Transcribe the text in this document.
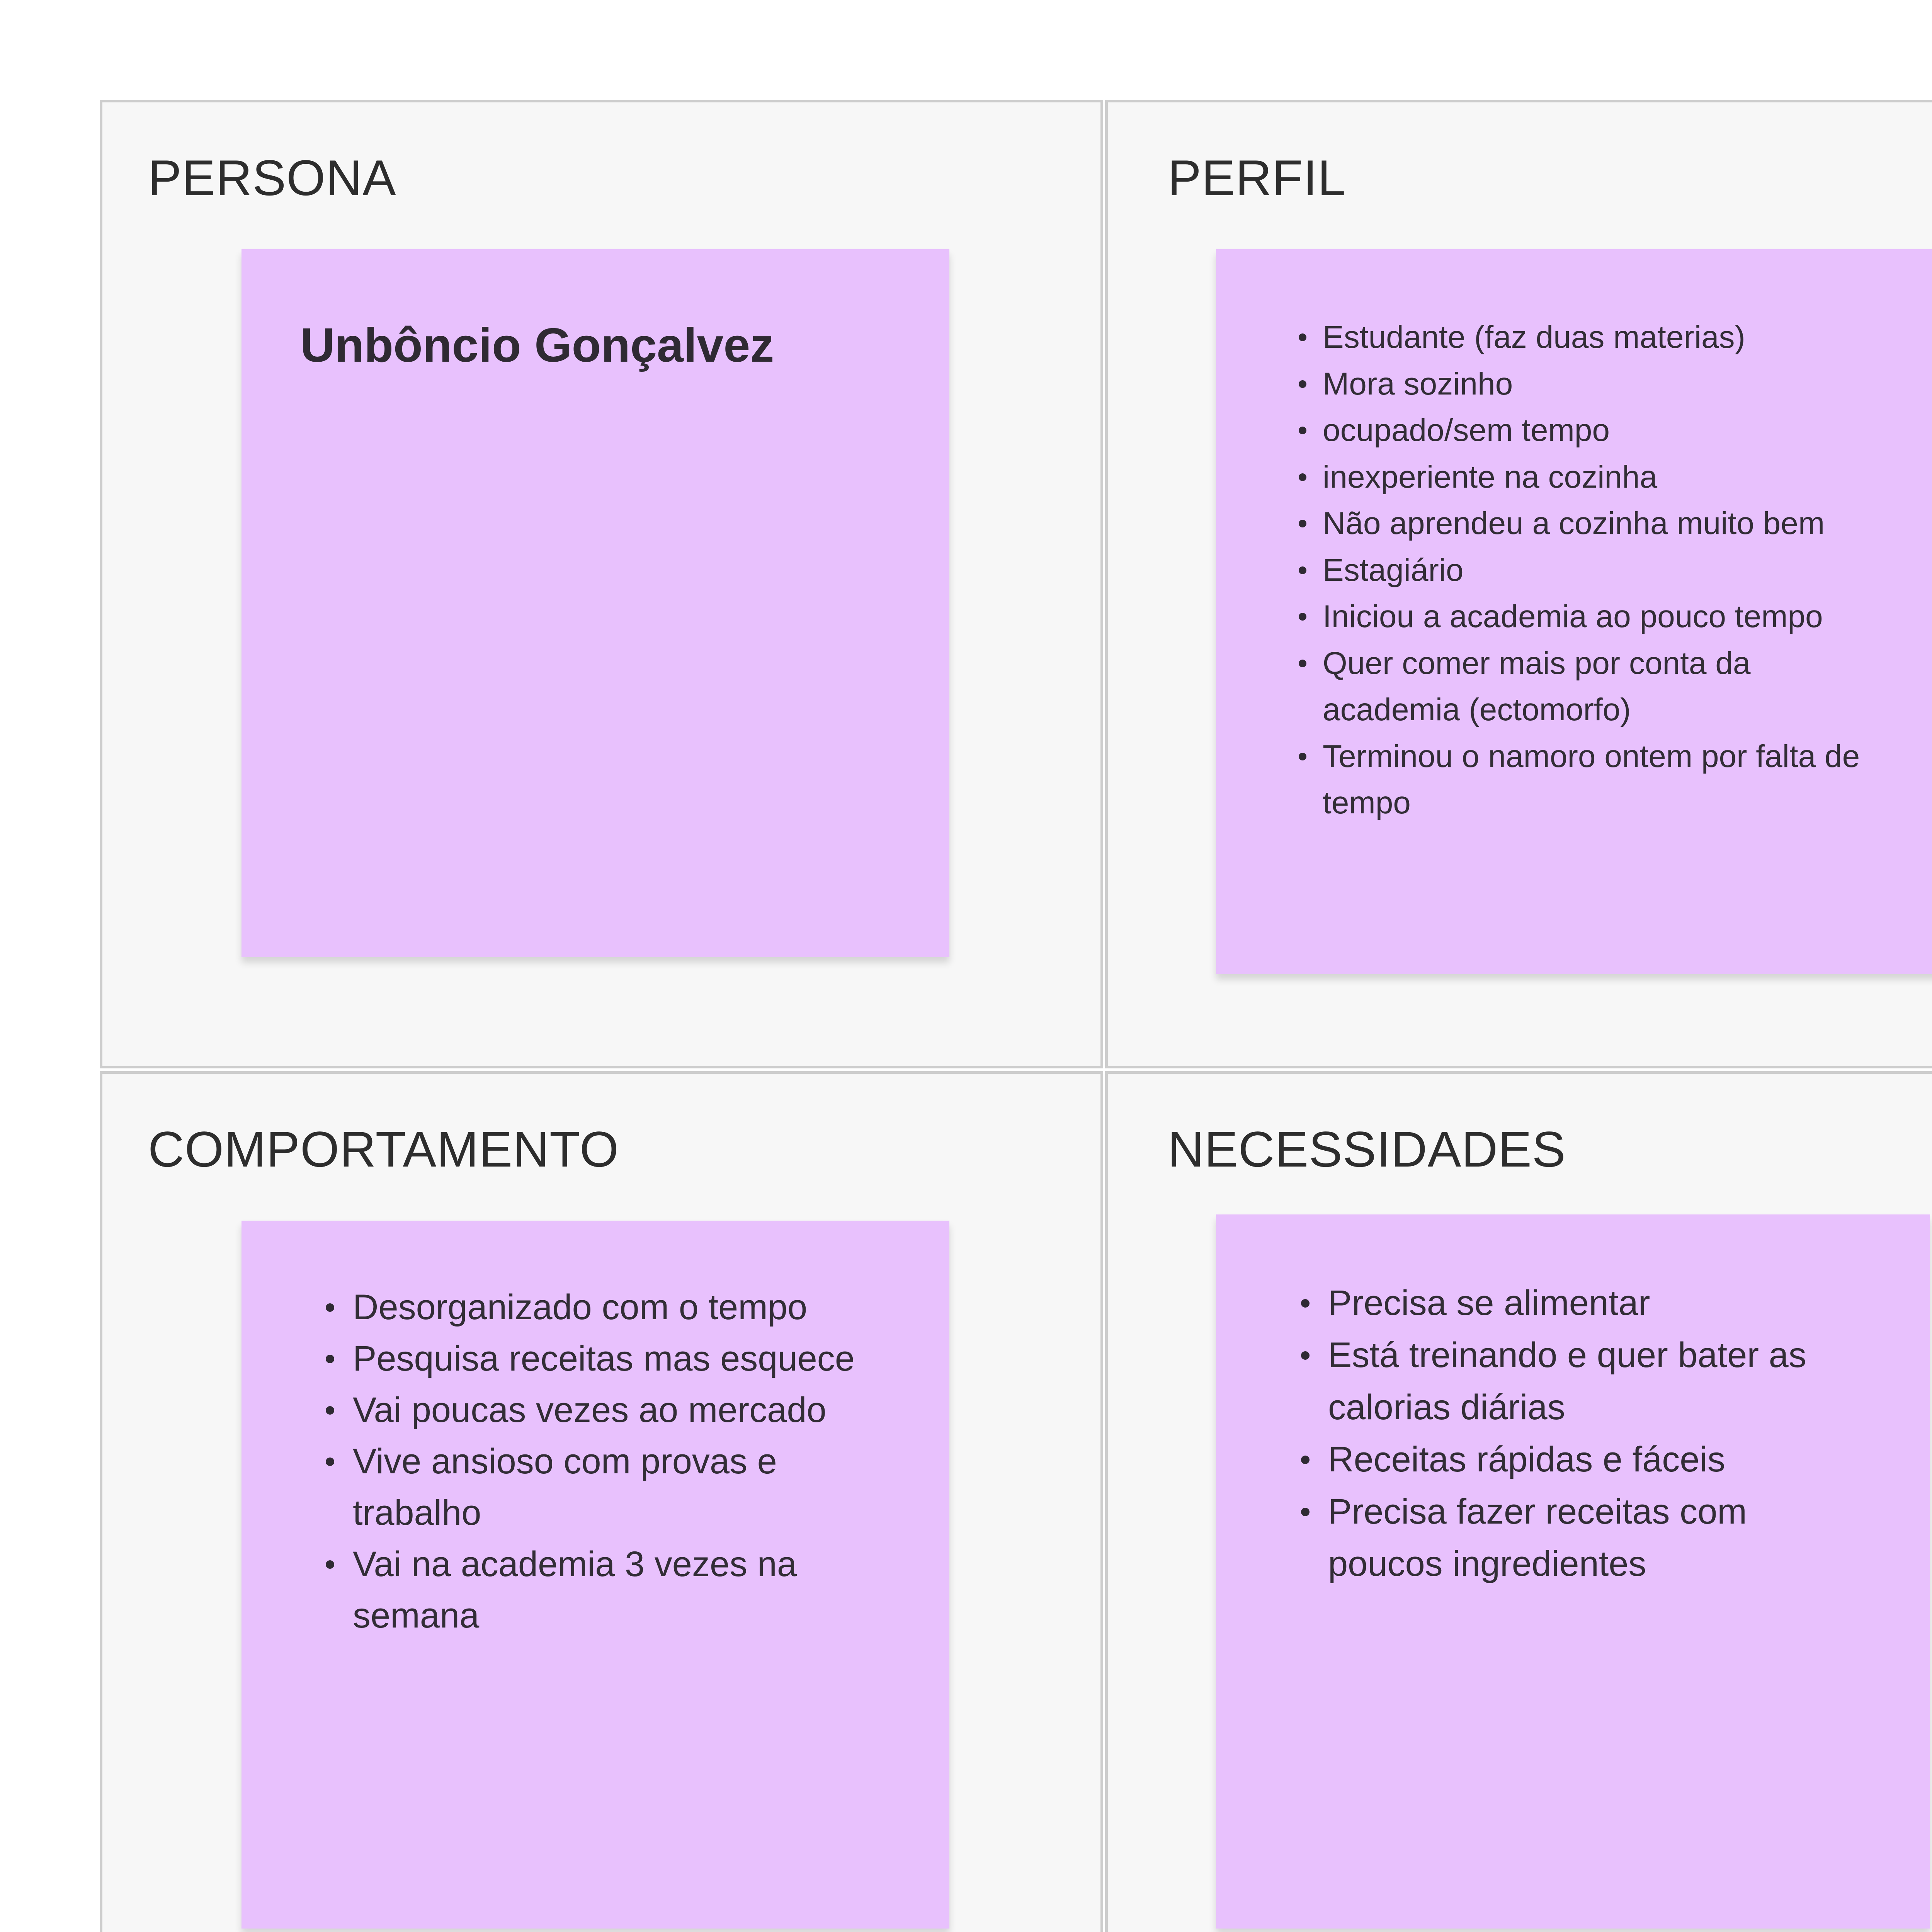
PERSONA
Unbôncio Gonçalvez
PERFIL
Estudante (faz duas materias)
Mora sozinho
ocupado/sem tempo
inexperiente na cozinha
Não aprendeu a cozinha muito bem
Estagiário
Iniciou a academia ao pouco tempo
Quer comer mais por conta da academia (ectomorfo)
Terminou o namoro ontem por falta de tempo
COMPORTAMENTO
Desorganizado com o tempo
Pesquisa receitas mas esquece
Vai poucas vezes ao mercado
Vive ansioso com provas e trabalho
Vai na academia 3 vezes na semana
NECESSIDADES
Precisa se alimentar
Está treinando e quer bater as calorias diárias
Receitas rápidas e fáceis
Precisa fazer receitas com poucos ingredientes
